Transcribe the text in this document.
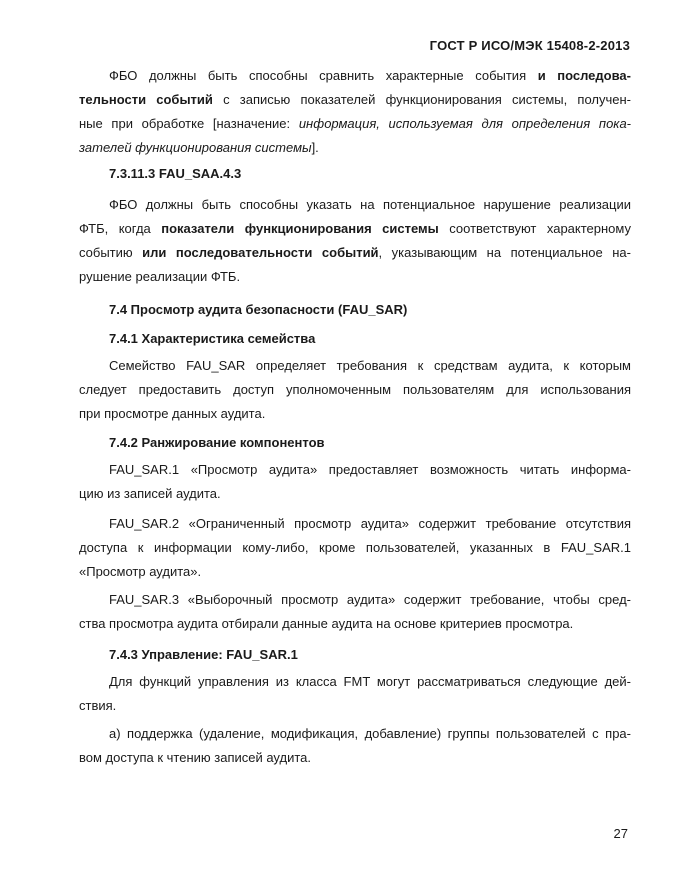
ГОСТ Р ИСО/МЭК 15408-2-2013
ФБО должны быть способны сравнить характерные события и последова-
тельности событий с записью показателей функционирования системы, получен-
ные при обработке [назначение: информация, используемая для определения пока-
зателей функционирования системы].
7.3.11.3 FAU_SAA.4.3
ФБО должны быть способны указать на потенциальное нарушение реализации
ФТБ, когда показатели функционирования системы соответствуют характерному
событию или последовательности событий, указывающим на потенциальное на-
рушение реализации ФТБ.
7.4 Просмотр аудита безопасности (FAU_SAR)
7.4.1 Характеристика семейства
Семейство FAU_SAR определяет требования к средствам аудита, к которым
следует предоставить доступ уполномоченным пользователям для использования
при просмотре данных аудита.
7.4.2 Ранжирование компонентов
FAU_SAR.1 «Просмотр аудита» предоставляет возможность читать информа-
цию из записей аудита.
FAU_SAR.2 «Ограниченный просмотр аудита» содержит требование отсутствия
доступа к информации кому-либо, кроме пользователей, указанных в FAU_SAR.1
«Просмотр аудита».
FAU_SAR.3 «Выборочный просмотр аудита» содержит требование, чтобы сред-
ства просмотра аудита отбирали данные аудита на основе критериев просмотра.
7.4.3 Управление: FAU_SAR.1
Для функций управления из класса FMT могут рассматриваться следующие дей-
ствия.
a) поддержка (удаление, модификация, добавление) группы пользователей с пра-
вом доступа к чтению записей аудита.
27
